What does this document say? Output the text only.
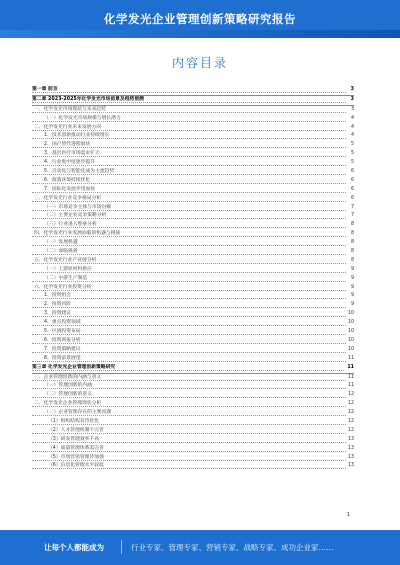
化学发光企业管理创新策略研究报告
内容目录
第一章 前言	3
第二章 2023-2025年化学发光市场前景及趋势预测	3
一、化学发光市场现状与未来趋势	3
（一）化学发光市场规模与增长潜力	4
二、化学发光行业未来发展方向	4
1、技术创新推动行业持续增长	4
2、国产替代进程加快	5
3、基层医疗市场需求扩大	5
4、行业集中度逐步提升	5
5、自动化与智能化成为主流趋势	6
6、政策环境持续优化	6
7、国际化发展步伐加快	6
三、化学发光行业竞争格局分析	6
（一）市场竞争主体与市场份额	7
（二）主要企业竞争策略分析	7
（三）行业进入壁垒分析	8
四、化学发光行业发展面临的机遇与挑战	8
（一）发展机遇	8
（二）面临挑战	8
五、化学发光行业产业链分析	8
（一）上游原材料供应	9
（二）中游生产制造	9
六、化学发光行业投资分析	9
1、投资机会	9
2、投资风险	9
3、投资建议	10
4、重点投资领域	10
5、区域投资布局	10
6、投资回报分析	10
7、投资策略建议	10
8、投资前景展望	11
第三章 化学发光企业管理创新策略研究	11
一、企业管理创新的内涵与意义	11
（一）管理创新的内涵	11
（二）管理创新的意义	12
二、化学发光企业管理现状分析	12
（一）企业管理存在的主要问题	12
（1）组织结构有待优化	12
（2）人才管理机制不完善	12
（3）研发管理效率不高	13
（4）质量管理体系需完善	13
（5）市场营销管理待加强	13
（6）信息化管理水平较低	13
1
让每个人都能成为	行业专家、管理专家、营销专家、战略专家、成功企业家……
